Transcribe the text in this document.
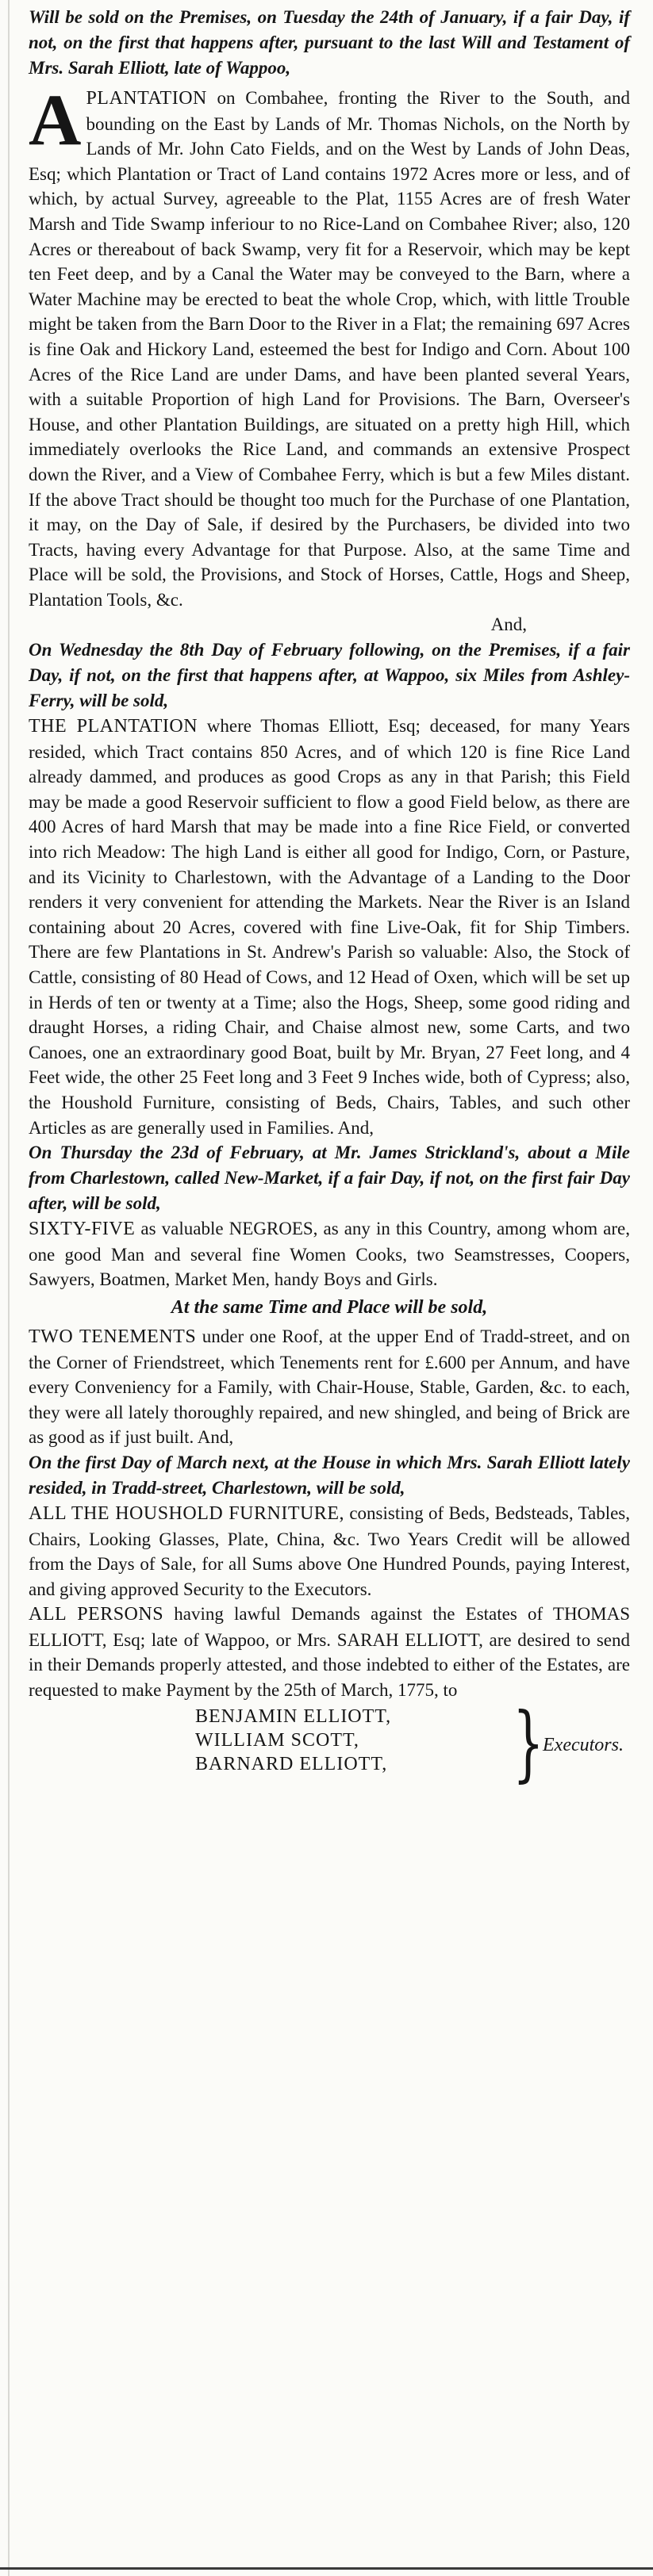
Will be sold on the Premises, on Tuesday the 24th of January, if a fair Day, if not, on the first that happens after, pursuant to the last Will and Testament of Mrs. Sarah Elliott, late of Wappoo,

A PLANTATION on Combahee, fronting the River to the South, and bounding on the East by Lands of Mr. Thomas Nichols, on the North by Lands of Mr. John Cato Fields, and on the West by Lands of John Deas, Esq; which Plantation or Tract of Land contains 1972 Acres more or less, and of which, by actual Survey, agreeable to the Plat, 1155 Acres are of fresh Water Marsh and Tide Swamp inferiour to no Rice-Land on Combahee River; also, 120 Acres or thereabout of back Swamp, very fit for a Reservoir, which may be kept ten Feet deep, and by a Canal the Water may be conveyed to the Barn, where a Water Machine may be erected to beat the whole Crop, which, with little Trouble might be taken from the Barn Door to the River in a Flat; the remaining 697 Acres is fine Oak and Hickory Land, esteemed the best for Indigo and Corn. About 100 Acres of the Rice Land are under Dams, and have been planted several Years, with a suitable Proportion of high Land for Provisions. The Barn, Overseer's House, and other Plantation Buildings, are situated on a pretty high Hill, which immediately overlooks the Rice Land, and commands an extensive Prospect down the River, and a View of Combahee Ferry, which is but a few Miles distant. If the above Tract should be thought too much for the Purchase of one Plantation, it may, on the Day of Sale, if desired by the Purchasers, be divided into two Tracts, having every Advantage for that Purpose. Also, at the same Time and Place will be sold, the Provisions, and Stock of Horses, Cattle, Hogs and Sheep, Plantation Tools, &c.

And,

On Wednesday the 8th Day of February following, on the Premises, if a fair Day, if not, on the first that happens after, at Wappoo, six Miles from Ashley-Ferry, will be sold,

THE PLANTATION where Thomas Elliott, Esq; deceased, for many Years resided, which Tract contains 850 Acres, and of which 120 is fine Rice Land already dammed, and produces as good Crops as any in that Parish; this Field may be made a good Reservoir sufficient to flow a good Field below, as there are 400 Acres of hard Marsh that may be made into a fine Rice Field, or converted into rich Meadow: The high Land is either all good for Indigo, Corn, or Pasture, and its Vicinity to Charlestown, with the Advantage of a Landing to the Door renders it very convenient for attending the Markets. Near the River is an Island containing about 20 Acres, covered with fine Live-Oak, fit for Ship Timbers. There are few Plantations in St. Andrew's Parish so valuable: Also, the Stock of Cattle, consisting of 80 Head of Cows, and 12 Head of Oxen, which will be set up in Herds of ten or twenty at a Time; also the Hogs, Sheep, some good riding and draught Horses, a riding Chair, and Chaise almost new, some Carts, and two Canoes, one an extraordinary good Boat, built by Mr. Bryan, 27 Feet long, and 4 Feet wide, the other 25 Feet long and 3 Feet 9 Inches wide, both of Cypress; also, the Houshold Furniture, consisting of Beds, Chairs, Tables, and such other Articles as are generally used in Families. And,

On Thursday the 23d of February, at Mr. James Strickland's, about a Mile from Charlestown, called New-Market, if a fair Day, if not, on the first fair Day after, will be sold,

SIXTY-FIVE as valuable NEGROES, as any in this Country, among whom are, one good Man and several fine Women Cooks, two Seamstresses, Coopers, Sawyers, Boatmen, Market Men, handy Boys and Girls.

At the same Time and Place will be sold,

TWO TENEMENTS under one Roof, at the upper End of Tradd-street, and on the Corner of Friendstreet, which Tenements rent for £.600 per Annum, and have every Conveniency for a Family, with Chair-House, Stable, Garden, &c. to each, they were all lately thoroughly repaired, and new shingled, and being of Brick are as good as if just built. And,

On the first Day of March next, at the House in which Mrs. Sarah Elliott lately resided, in Tradd-street, Charlestown, will be sold,

ALL THE HOUSHOLD FURNITURE, consisting of Beds, Bedsteads, Tables, Chairs, Looking Glasses, Plate, China, &c. Two Years Credit will be allowed from the Days of Sale, for all Sums above One Hundred Pounds, paying Interest, and giving approved Security to the Executors.

ALL PERSONS having lawful Demands against the Estates of THOMAS ELLIOTT, Esq; late of Wappoo, or Mrs. SARAH ELLIOTT, are desired to send in their Demands properly attested, and those indebted to either of the Estates, are requested to make Payment by the 25th of March, 1775, to

BENJAMIN ELLIOTT,
WILLIAM SCOTT,
BARNARD ELLIOTT, }
Executors.
